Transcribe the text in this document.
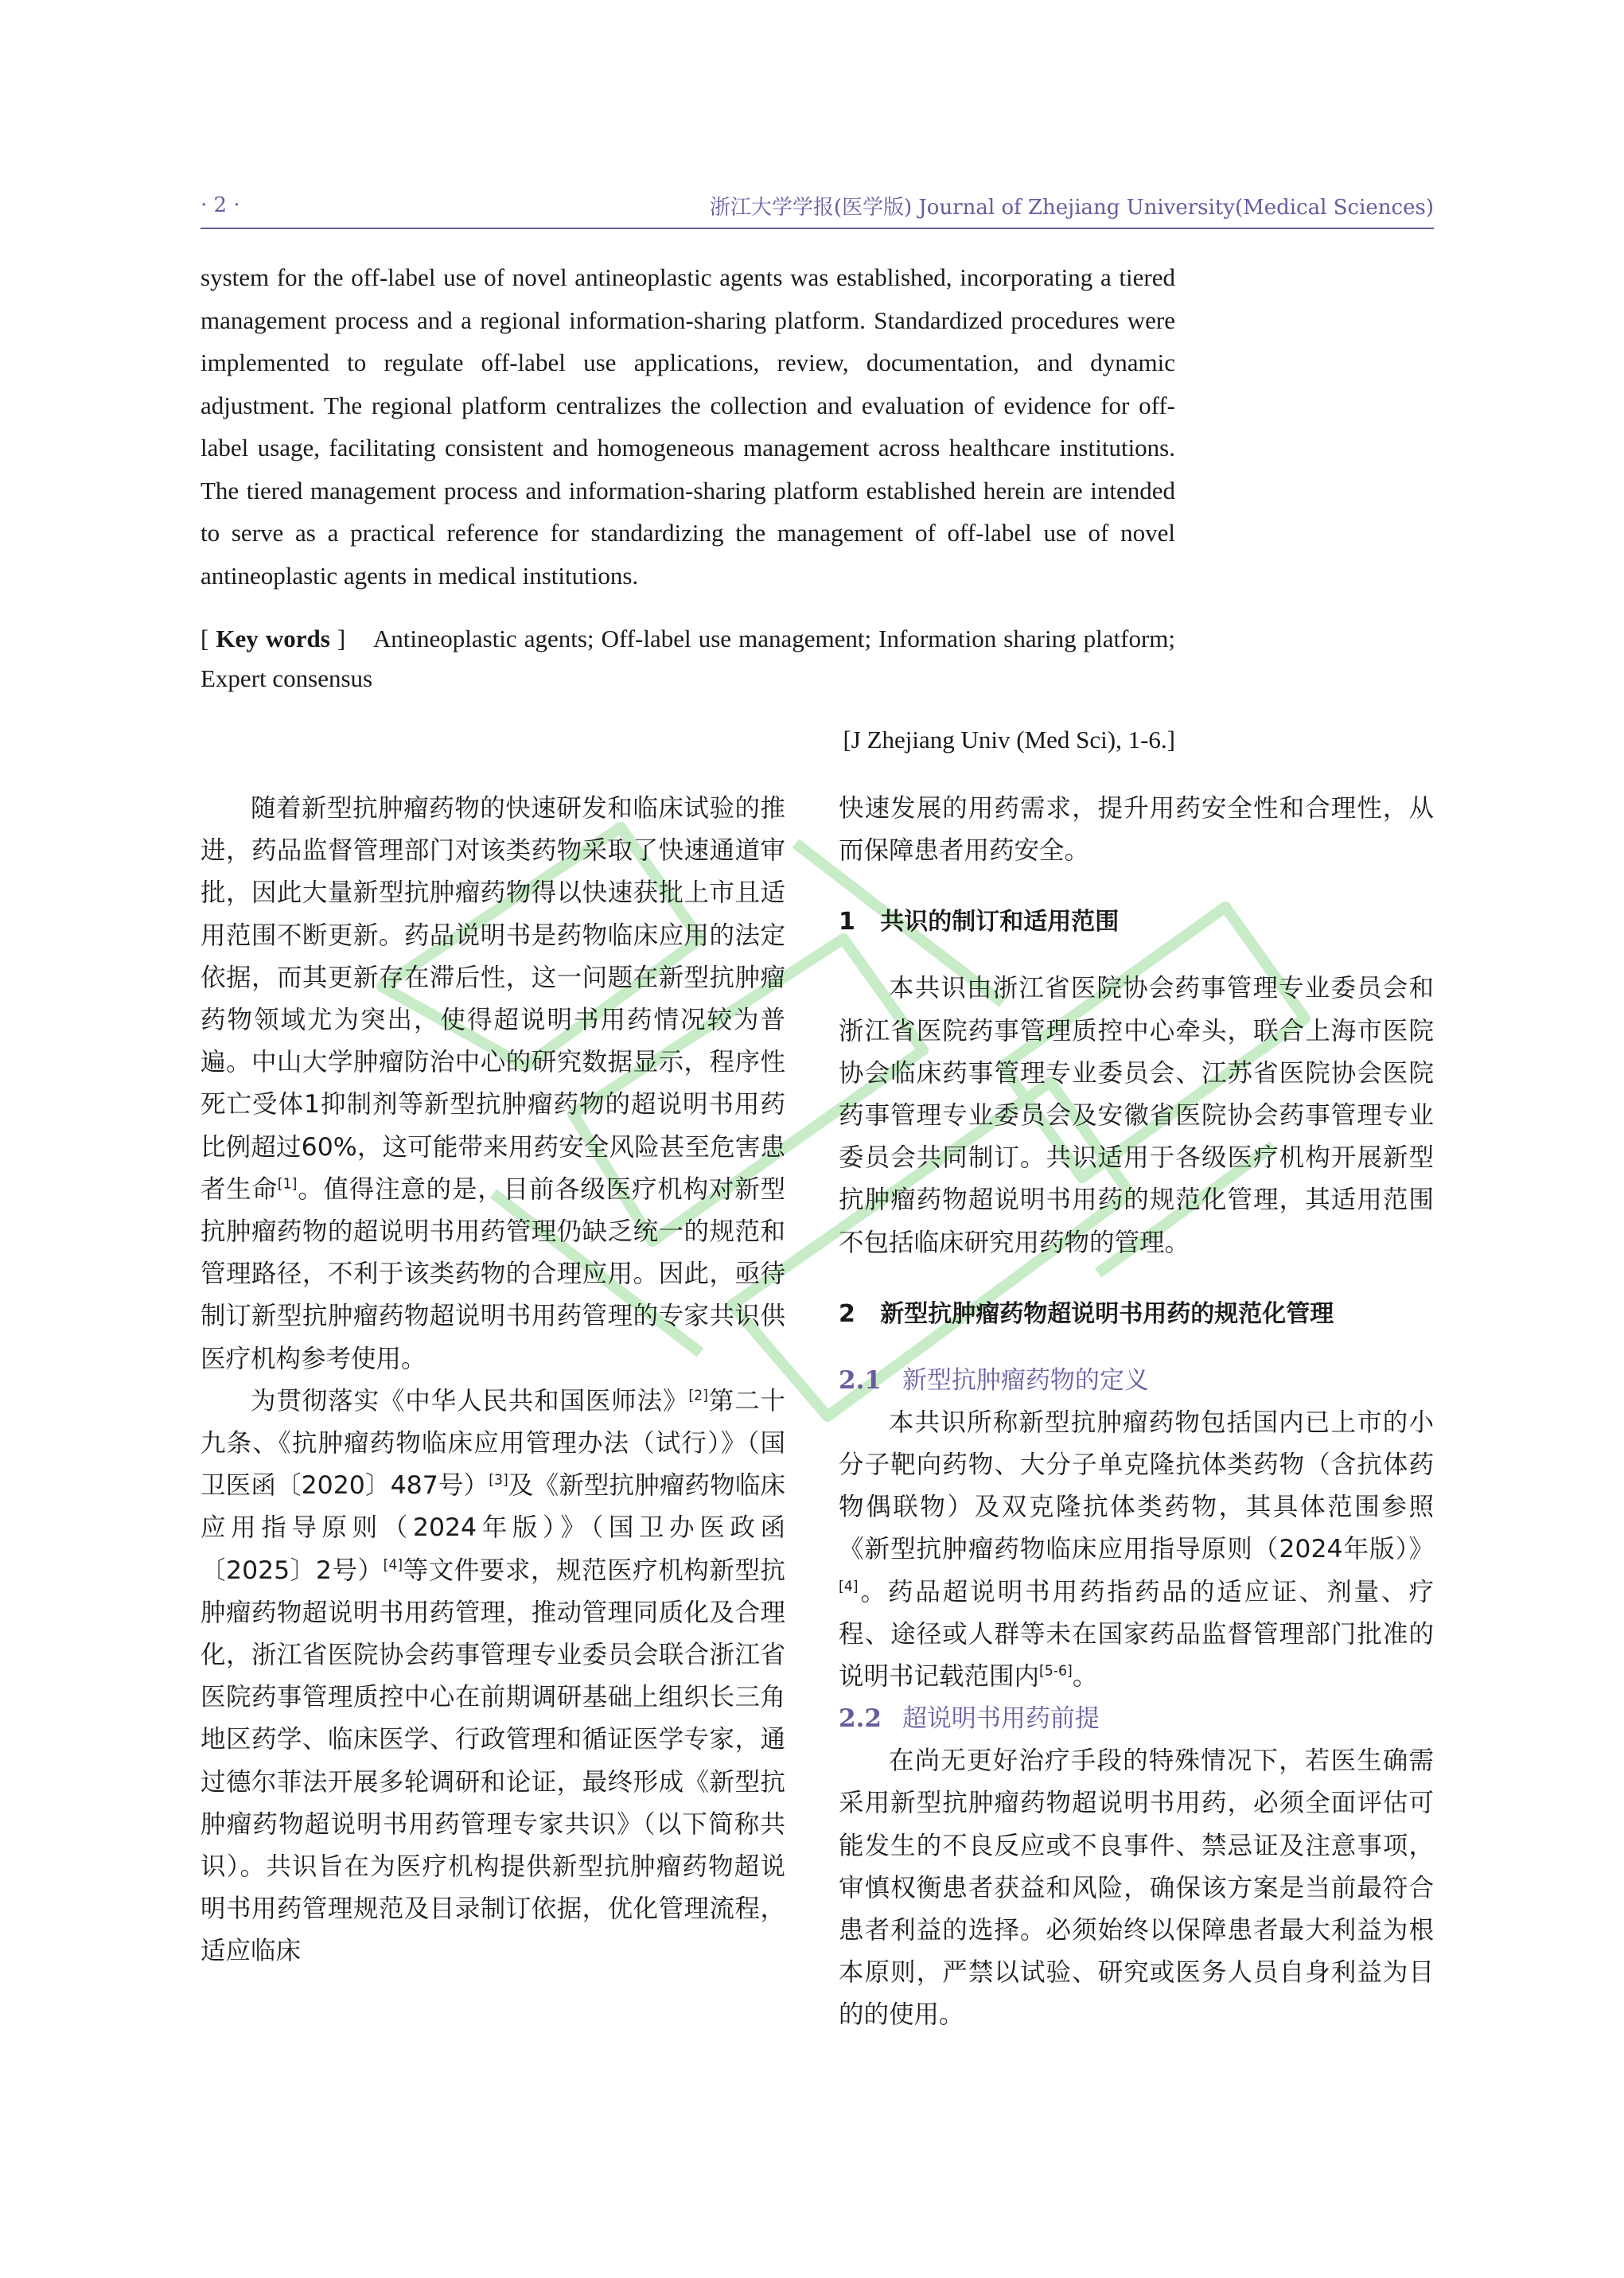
· 2 ·	浙江大学学报(医学版) Journal of Zhejiang University(Medical Sciences)
system for the off-label use of novel antineoplastic agents was established, incorporating a tiered management process and a regional information-sharing platform. Standardized procedures were implemented to regulate off-label use applications, review, documentation, and dynamic adjustment. The regional platform centralizes the collection and evaluation of evidence for off-label usage, facilitating consistent and homogeneous management across healthcare institutions. The tiered management process and information-sharing platform established herein are intended to serve as a practical reference for standardizing the management of off-label use of novel antineoplastic agents in medical institutions.
[ Key words ] Antineoplastic agents; Off-label use management; Information sharing platform; Expert consensus
[J Zhejiang Univ (Med Sci), 1-6.]

随着新型抗肿瘤药物的快速研发和临床试验的推进，药品监督管理部门对该类药物采取了快速通道审批，因此大量新型抗肿瘤药物得以快速获批上市且适用范围不断更新。药品说明书是药物临床应用的法定依据，而其更新存在滞后性，这一问题在新型抗肿瘤药物领域尤为突出，使得超说明书用药情况较为普遍。中山大学肿瘤防治中心的研究数据显示，程序性死亡受体1抑制剂等新型抗肿瘤药物的超说明书用药比例超过60%，这可能带来用药安全风险甚至危害患者生命[1]。值得注意的是，目前各级医疗机构对新型抗肿瘤药物的超说明书用药管理仍缺乏统一的规范和管理路径，不利于该类药物的合理应用。因此，亟待制订新型抗肿瘤药物超说明书用药管理的专家共识供医疗机构参考使用。

为贯彻落实《中华人民共和国医师法》[2]第二十九条、《抗肿瘤药物临床应用管理办法（试行）》（国卫医函〔2020〕487号）[3]及《新型抗肿瘤药物临床应用指导原则（2024年版）》（国卫办医政函〔2025〕2号）[4]等文件要求，规范医疗机构新型抗肿瘤药物超说明书用药管理，推动管理同质化及合理化，浙江省医院协会药事管理专业委员会联合浙江省医院药事管理质控中心在前期调研基础上组织长三角地区药学、临床医学、行政管理和循证医学专家，通过德尔菲法开展多轮调研和论证，最终形成《新型抗肿瘤药物超说明书用药管理专家共识》（以下简称共识）。共识旨在为医疗机构提供新型抗肿瘤药物超说明书用药管理规范及目录制订依据，优化管理流程，适应临床

快速发展的用药需求，提升用药安全性和合理性，从而保障患者用药安全。

1 共识的制订和适用范围

本共识由浙江省医院协会药事管理专业委员会和浙江省医院药事管理质控中心牵头，联合上海市医院协会临床药事管理专业委员会、江苏省医院协会医院药事管理专业委员会及安徽省医院协会药事管理专业委员会共同制订。共识适用于各级医疗机构开展新型抗肿瘤药物超说明书用药的规范化管理，其适用范围不包括临床研究用药物的管理。

2 新型抗肿瘤药物超说明书用药的规范化管理
2.1 新型抗肿瘤药物的定义

本共识所称新型抗肿瘤药物包括国内已上市的小分子靶向药物、大分子单克隆抗体类药物（含抗体药物偶联物）及双克隆抗体类药物，其具体范围参照《新型抗肿瘤药物临床应用指导原则（2024年版）》[4]。药品超说明书用药指药品的适应证、剂量、疗程、途径或人群等未在国家药品监督管理部门批准的说明书记载范围内[5-6]。

2.2 超说明书用药前提

在尚无更好治疗手段的特殊情况下，若医生确需采用新型抗肿瘤药物超说明书用药，必须全面评估可能发生的不良反应或不良事件、禁忌证及注意事项，审慎权衡患者获益和风险，确保该方案是当前最符合患者利益的选择。必须始终以保障患者最大利益为根本原则，严禁以试验、研究或医务人员自身利益为目的的使用。
